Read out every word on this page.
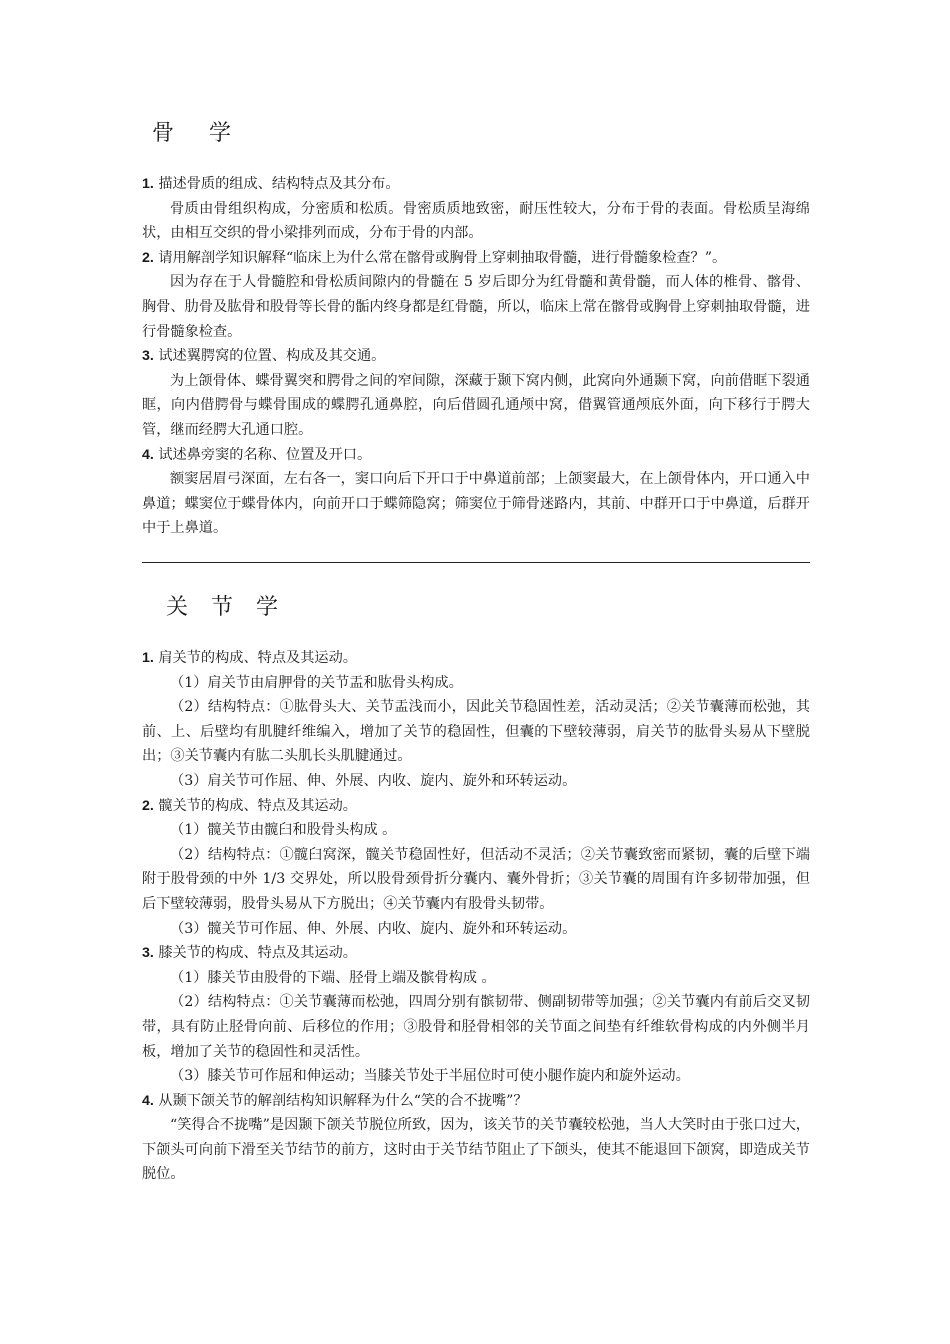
骨 学

1. 描述骨质的组成、结构特点及其分布。

骨质由骨组织构成，分密质和松质。骨密质质地致密，耐压性较大，分布于骨的表面。骨松质呈海绵状，由相互交织的骨小梁排列而成，分布于骨的内部。

2. 请用解剖学知识解释“临床上为什么常在髂骨或胸骨上穿刺抽取骨髓，进行骨髓象检查？”。

因为存在于人骨髓腔和骨松质间隙内的骨髓在 5 岁后即分为红骨髓和黄骨髓，而人体的椎骨、髂骨、胸骨、肋骨及肱骨和股骨等长骨的骺内终身都是红骨髓，所以，临床上常在髂骨或胸骨上穿刺抽取骨髓，进行骨髓象检查。

3. 试述翼腭窝的位置、构成及其交通。

为上颌骨体、蝶骨翼突和腭骨之间的窄间隙，深藏于颞下窝内侧，此窝向外通颞下窝，向前借眶下裂通眶，向内借腭骨与蝶骨围成的蝶腭孔通鼻腔，向后借圆孔通颅中窝，借翼管通颅底外面，向下移行于腭大管，继而经腭大孔通口腔。

4. 试述鼻旁窦的名称、位置及开口。

额窦居眉弓深面，左右各一，窦口向后下开口于中鼻道前部；上颌窦最大，在上颌骨体内，开口通入中鼻道；蝶窦位于蝶骨体内，向前开口于蝶筛隐窝；筛窦位于筛骨迷路内，其前、中群开口于中鼻道，后群开中于上鼻道。

关 节 学

1. 肩关节的构成、特点及其运动。

（1）肩关节由肩胛骨的关节盂和肱骨头构成。

（2）结构特点：①肱骨头大、关节盂浅而小，因此关节稳固性差，活动灵活；②关节囊薄而松弛，其前、上、后壁均有肌腱纤维编入，增加了关节的稳固性，但囊的下壁较薄弱，肩关节的肱骨头易从下壁脱出；③关节囊内有肱二头肌长头肌腱通过。

（3）肩关节可作屈、伸、外展、内收、旋内、旋外和环转运动。

2. 髋关节的构成、特点及其运动。

（1）髋关节由髋臼和股骨头构成 。

（2）结构特点：①髋臼窝深，髋关节稳固性好，但活动不灵活；②关节囊致密而紧韧，囊的后壁下端附于股骨颈的中外 1/3 交界处，所以股骨颈骨折分囊内、囊外骨折；③关节囊的周围有许多韧带加强，但后下壁较薄弱，股骨头易从下方脱出；④关节囊内有股骨头韧带。

（3）髋关节可作屈、伸、外展、内收、旋内、旋外和环转运动。

3. 膝关节的构成、特点及其运动。

（1）膝关节由股骨的下端、胫骨上端及髌骨构成 。

（2）结构特点：①关节囊薄而松弛，四周分别有髌韧带、侧副韧带等加强；②关节囊内有前后交叉韧带，具有防止胫骨向前、后移位的作用；③股骨和胫骨相邻的关节面之间垫有纤维软骨构成的内外侧半月板，增加了关节的稳固性和灵活性。

（3）膝关节可作屈和伸运动；当膝关节处于半屈位时可使小腿作旋内和旋外运动。

4. 从颞下颌关节的解剖结构知识解释为什么“笑的合不拢嘴”？

“笑得合不拢嘴”是因颞下颌关节脱位所致，因为，该关节的关节囊较松弛，当人大笑时由于张口过大，下颌头可向前下滑至关节结节的前方，这时由于关节结节阻止了下颌头，使其不能退回下颌窝，即造成关节脱位。
